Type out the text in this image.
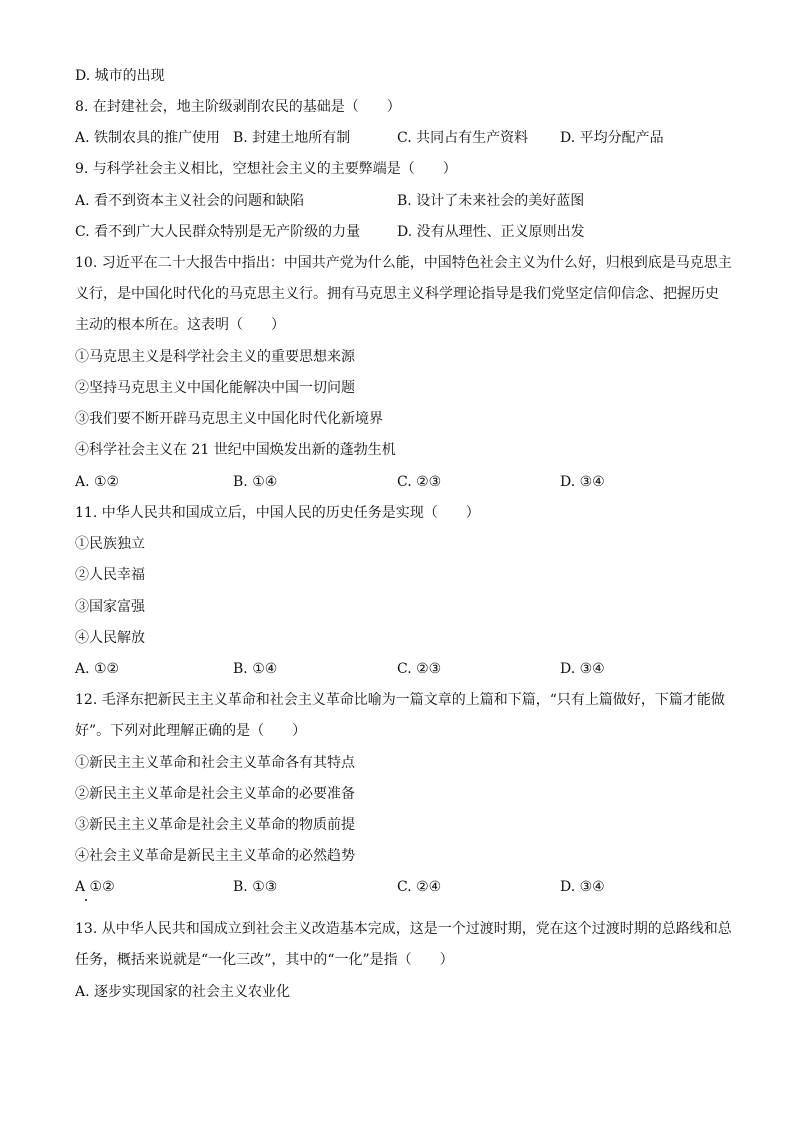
D. 城市的出现
8. 在封建社会，地主阶级剥削农民的基础是（　　）
A. 铁制农具的推广使用 B. 封建土地所有制	C. 共同占有生产资料 D. 平均分配产品
9. 与科学社会主义相比，空想社会主义的主要弊端是（　　）
A. 看不到资本主义社会的问题和缺陷	B. 设计了未来社会的美好蓝图
C. 看不到广大人民群众特别是无产阶级的力量	D. 没有从理性、正义原则出发
10. 习近平在二十大报告中指出：中国共产党为什么能，中国特色社会主义为什么好，归根到底是马克思主
义行，是中国化时代化的马克思主义行。拥有马克思主义科学理论指导是我们党坚定信仰信念、把握历史
主动的根本所在。这表明（　　）
①马克思主义是科学社会主义的重要思想来源
②坚持马克思主义中国化能解决中国一切问题
③我们要不断开辟马克思主义中国化时代化新境界
④科学社会主义在 21 世纪中国焕发出新的蓬勃生机
A. ①②	B. ①④	C. ②③	D. ③④
11. 中华人民共和国成立后，中国人民的历史任务是实现（　　）
①民族独立
②人民幸福
③国家富强
④人民解放
A. ①②	B. ①④	C. ②③	D. ③④
12. 毛泽东把新民主主义革命和社会主义革命比喻为一篇文章的上篇和下篇，“只有上篇做好，下篇才能做
好”。下列对此理解正确的是（　　）
①新民主主义革命和社会主义革命各有其特点
②新民主主义革命是社会主义革命的必要准备
③新民主主义革命是社会主义革命的物质前提
④社会主义革命是新民主主义革命的必然趋势
A ①②	B. ①③	C. ②④	D. ③④
13. 从中华人民共和国成立到社会主义改造基本完成，这是一个过渡时期，党在这个过渡时期的总路线和总
任务，概括来说就是“一化三改”，其中的“一化”是指（　　）
A. 逐步实现国家的社会主义农业化
